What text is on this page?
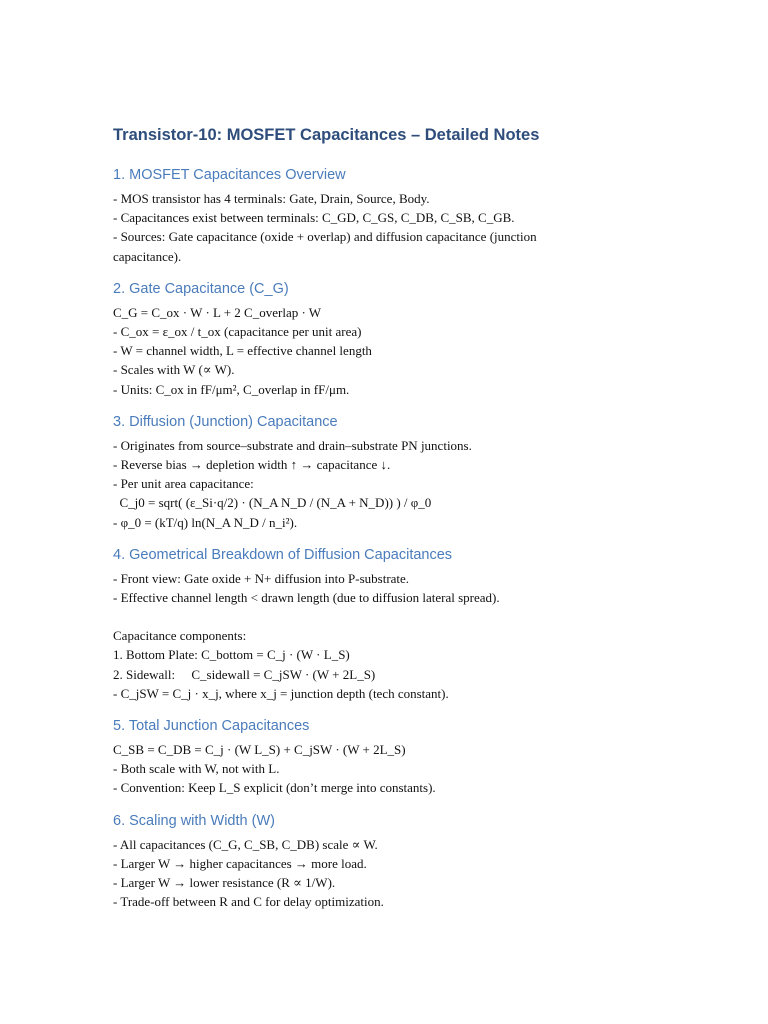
Transistor-10: MOSFET Capacitances – Detailed Notes
1. MOSFET Capacitances Overview

- MOS transistor has 4 terminals: Gate, Drain, Source, Body.

- Capacitances exist between terminals: C_GD, C_GS, C_DB, C_SB, C_GB.

- Sources: Gate capacitance (oxide + overlap) and diffusion capacitance (junction

capacitance).

2. Gate Capacitance (C_G)

C_G = C_ox · W · L + 2 C_overlap · W

- C_ox = ε_ox / t_ox (capacitance per unit area)

- W = channel width, L = effective channel length

- Scales with W (∝ W).

- Units: C_ox in fF/μm², C_overlap in fF/μm.

3. Diffusion (Junction) Capacitance

- Originates from source–substrate and drain–substrate PN junctions.

- Reverse bias → depletion width ↑ → capacitance ↓.

- Per unit area capacitance:

C_j0 = sqrt( (ε_Si·q/2) · (N_A N_D / (N_A + N_D)) ) / φ_0

- φ_0 = (kT/q) ln(N_A N_D / n_i²).

4. Geometrical Breakdown of Diffusion Capacitances

- Front view: Gate oxide + N+ diffusion into P-substrate.

- Effective channel length < drawn length (due to diffusion lateral spread).

Capacitance components:

1. Bottom Plate: C_bottom = C_j · (W · L_S)

2. Sidewall:     C_sidewall = C_jSW · (W + 2L_S)

- C_jSW = C_j · x_j, where x_j = junction depth (tech constant).

5. Total Junction Capacitances

C_SB = C_DB = C_j · (W L_S) + C_jSW · (W + 2L_S)

- Both scale with W, not with L.

- Convention: Keep L_S explicit (don’t merge into constants).

6. Scaling with Width (W)

- All capacitances (C_G, C_SB, C_DB) scale ∝ W.

- Larger W → higher capacitances → more load.

- Larger W → lower resistance (R ∝ 1/W).

- Trade-off between R and C for delay optimization.
